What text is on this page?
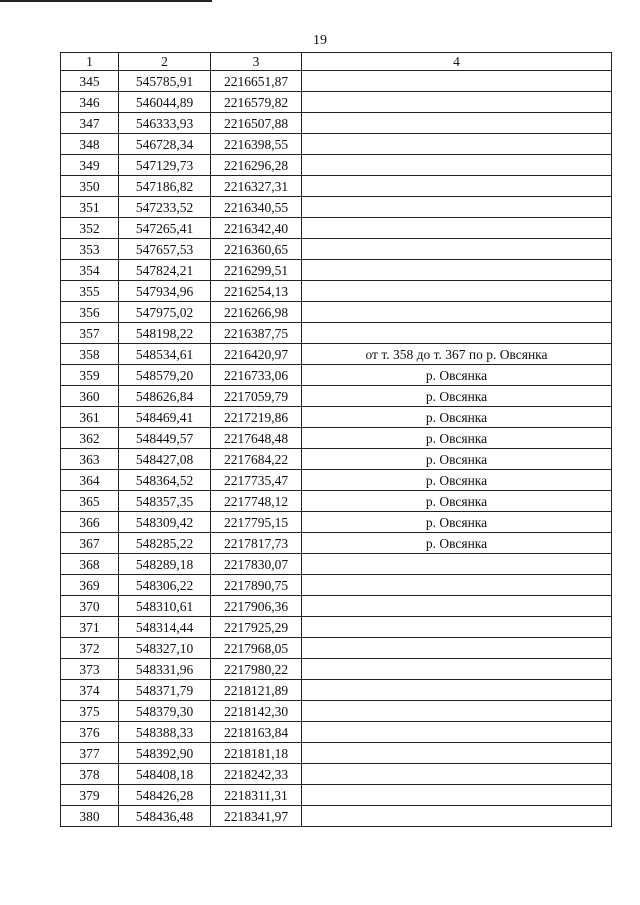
19
1	2	3	4
345	545785,91	2216651,87	
346	546044,89	2216579,82	
347	546333,93	2216507,88	
348	546728,34	2216398,55	
349	547129,73	2216296,28	
350	547186,82	2216327,31	
351	547233,52	2216340,55	
352	547265,41	2216342,40	
353	547657,53	2216360,65	
354	547824,21	2216299,51	
355	547934,96	2216254,13	
356	547975,02	2216266,98	
357	548198,22	2216387,75	
358	548534,61	2216420,97	от т. 358 до т. 367 по р. Овсянка
359	548579,20	2216733,06	р. Овсянка
360	548626,84	2217059,79	р. Овсянка
361	548469,41	2217219,86	р. Овсянка
362	548449,57	2217648,48	р. Овсянка
363	548427,08	2217684,22	р. Овсянка
364	548364,52	2217735,47	р. Овсянка
365	548357,35	2217748,12	р. Овсянка
366	548309,42	2217795,15	р. Овсянка
367	548285,22	2217817,73	р. Овсянка
368	548289,18	2217830,07	
369	548306,22	2217890,75	
370	548310,61	2217906,36	
371	548314,44	2217925,29	
372	548327,10	2217968,05	
373	548331,96	2217980,22	
374	548371,79	2218121,89	
375	548379,30	2218142,30	
376	548388,33	2218163,84	
377	548392,90	2218181,18	
378	548408,18	2218242,33	
379	548426,28	2218311,31	
380	548436,48	2218341,97	
